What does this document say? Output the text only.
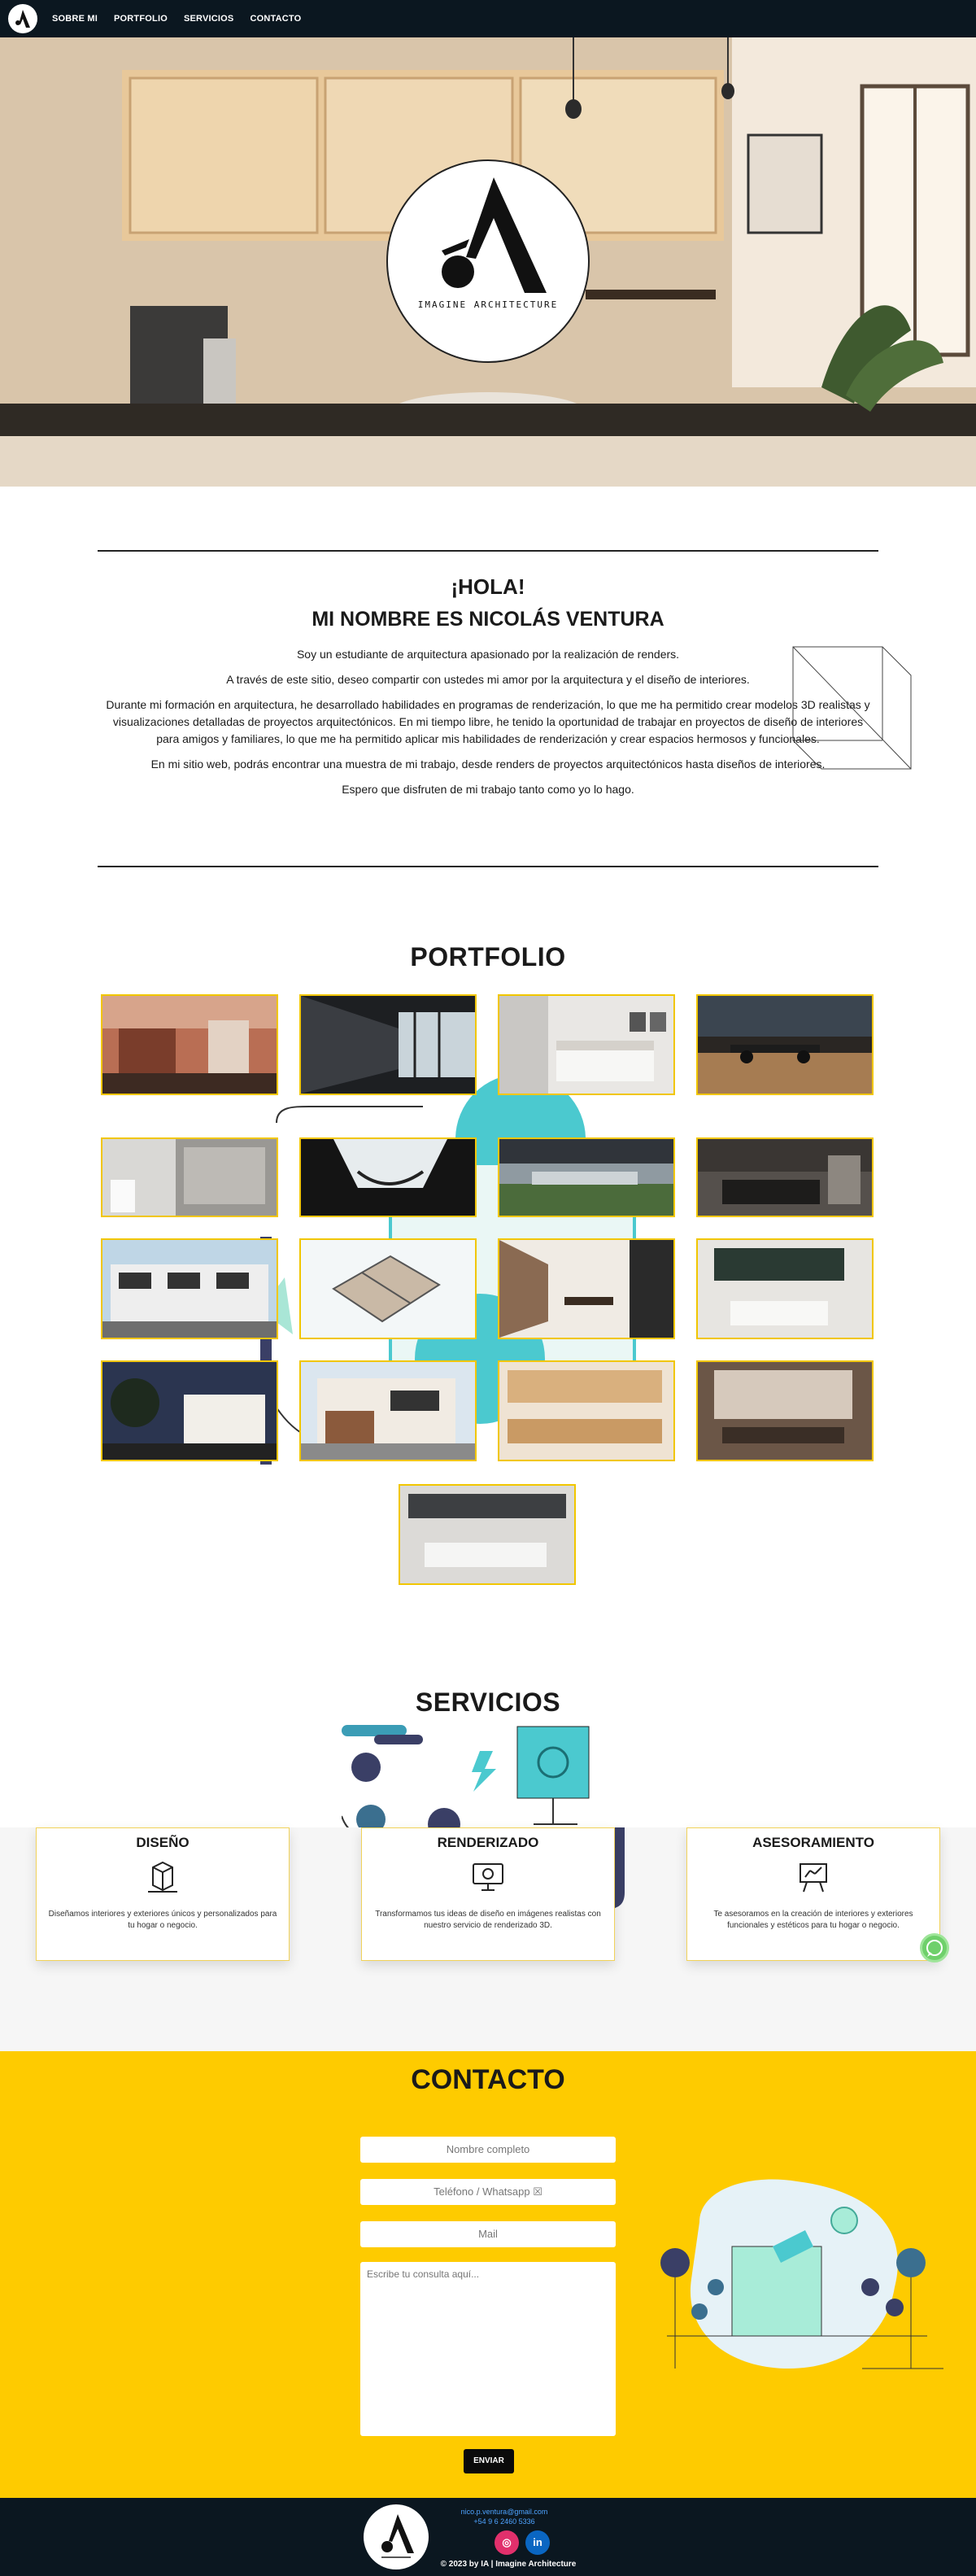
SOBRE MI PORTFOLIO SERVICIOS CONTACTO
IMAGINE ARCHITECTURE
¡HOLA!
MI NOMBRE ES NICOLÁS VENTURA

Soy un estudiante de arquitectura apasionado por la realización de renders.

A través de este sitio, deseo compartir con ustedes mi amor por la arquitectura y el diseño de interiores.

Durante mi formación en arquitectura, he desarrollado habilidades en programas de renderización, lo que me ha permitido crear modelos 3D realistas y visualizaciones detalladas de proyectos arquitectónicos. En mi tiempo libre, he tenido la oportunidad de trabajar en proyectos de diseño de interiores para amigos y familiares, lo que me ha permitido aplicar mis habilidades de renderización y crear espacios hermosos y funcionales.

En mi sitio web, podrás encontrar una muestra de mi trabajo, desde renders de proyectos arquitectónicos hasta diseños de interiores.

Espero que disfruten de mi trabajo tanto como yo lo hago.

PORTFOLIO
SERVICIOS
DISEÑO
Diseñamos interiores y exteriores únicos y personalizados para tu hogar o negocio.
RENDERIZADO
Transformamos tus ideas de diseño en imágenes realistas con nuestro servicio de renderizado 3D.
ASESORAMIENTO
Te asesoramos en la creación de interiores y exteriores funcionales y estéticos para tu hogar o negocio.
CONTACTO
Nombre completo
Teléfono / Whatsapp ☒
Mail
Escribe tu consulta aquí...
ENVIAR
nico.p.ventura@gmail.com
+54 9 6 2460 5336
◎	in
© 2023 by IA | Imagine Architecture
